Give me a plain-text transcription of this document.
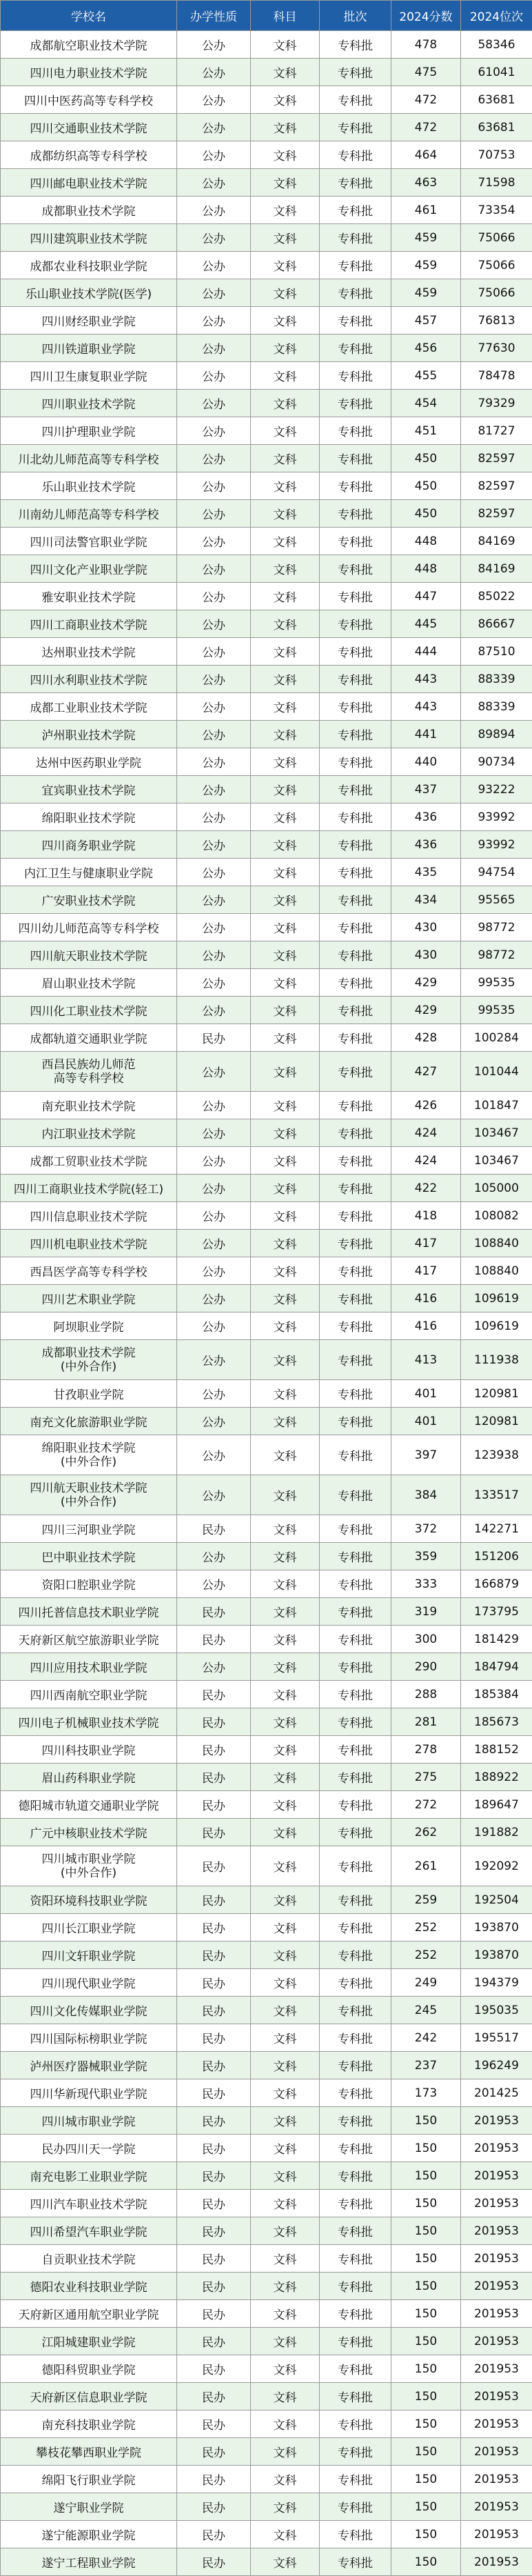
学校名	办学性质	科目	批次	2024分数	2024位次
成都航空职业技术学院	公办	文科	专科批	478	58346
四川电力职业技术学院	公办	文科	专科批	475	61041
四川中医药高等专科学校	公办	文科	专科批	472	63681
四川交通职业技术学院	公办	文科	专科批	472	63681
成都纺织高等专科学校	公办	文科	专科批	464	70753
四川邮电职业技术学院	公办	文科	专科批	463	71598
成都职业技术学院	公办	文科	专科批	461	73354
四川建筑职业技术学院	公办	文科	专科批	459	75066
成都农业科技职业学院	公办	文科	专科批	459	75066
乐山职业技术学院(医学)	公办	文科	专科批	459	75066
四川财经职业学院	公办	文科	专科批	457	76813
四川铁道职业学院	公办	文科	专科批	456	77630
四川卫生康复职业学院	公办	文科	专科批	455	78478
四川职业技术学院	公办	文科	专科批	454	79329
四川护理职业学院	公办	文科	专科批	451	81727
川北幼儿师范高等专科学校	公办	文科	专科批	450	82597
乐山职业技术学院	公办	文科	专科批	450	82597
川南幼儿师范高等专科学校	公办	文科	专科批	450	82597
四川司法警官职业学院	公办	文科	专科批	448	84169
四川文化产业职业学院	公办	文科	专科批	448	84169
雅安职业技术学院	公办	文科	专科批	447	85022
四川工商职业技术学院	公办	文科	专科批	445	86667
达州职业技术学院	公办	文科	专科批	444	87510
四川水利职业技术学院	公办	文科	专科批	443	88339
成都工业职业技术学院	公办	文科	专科批	443	88339
泸州职业技术学院	公办	文科	专科批	441	89894
达州中医药职业学院	公办	文科	专科批	440	90734
宜宾职业技术学院	公办	文科	专科批	437	93222
绵阳职业技术学院	公办	文科	专科批	436	93992
四川商务职业学院	公办	文科	专科批	436	93992
内江卫生与健康职业学院	公办	文科	专科批	435	94754
广安职业技术学院	公办	文科	专科批	434	95565
四川幼儿师范高等专科学校	公办	文科	专科批	430	98772
四川航天职业技术学院	公办	文科	专科批	430	98772
眉山职业技术学院	公办	文科	专科批	429	99535
四川化工职业技术学院	公办	文科	专科批	429	99535
成都轨道交通职业学院	民办	文科	专科批	428	100284
西昌民族幼儿师范
高等专科学校	公办	文科	专科批	427	101044
南充职业技术学院	公办	文科	专科批	426	101847
内江职业技术学院	公办	文科	专科批	424	103467
成都工贸职业技术学院	公办	文科	专科批	424	103467
四川工商职业技术学院(轻工)	公办	文科	专科批	422	105000
四川信息职业技术学院	公办	文科	专科批	418	108082
四川机电职业技术学院	公办	文科	专科批	417	108840
西昌医学高等专科学校	公办	文科	专科批	417	108840
四川艺术职业学院	公办	文科	专科批	416	109619
阿坝职业学院	公办	文科	专科批	416	109619
成都职业技术学院
(中外合作)	公办	文科	专科批	413	111938
甘孜职业学院	公办	文科	专科批	401	120981
南充文化旅游职业学院	公办	文科	专科批	401	120981
绵阳职业技术学院
(中外合作)	公办	文科	专科批	397	123938
四川航天职业技术学院
(中外合作)	公办	文科	专科批	384	133517
四川三河职业学院	民办	文科	专科批	372	142271
巴中职业技术学院	公办	文科	专科批	359	151206
资阳口腔职业学院	公办	文科	专科批	333	166879
四川托普信息技术职业学院	民办	文科	专科批	319	173795
天府新区航空旅游职业学院	民办	文科	专科批	300	181429
四川应用技术职业学院	公办	文科	专科批	290	184794
四川西南航空职业学院	民办	文科	专科批	288	185384
四川电子机械职业技术学院	民办	文科	专科批	281	185673
四川科技职业学院	民办	文科	专科批	278	188152
眉山药科职业学院	民办	文科	专科批	275	188922
德阳城市轨道交通职业学院	民办	文科	专科批	272	189647
广元中核职业技术学院	民办	文科	专科批	262	191882
四川城市职业学院
(中外合作)	民办	文科	专科批	261	192092
资阳环境科技职业学院	民办	文科	专科批	259	192504
四川长江职业学院	民办	文科	专科批	252	193870
四川文轩职业学院	民办	文科	专科批	252	193870
四川现代职业学院	民办	文科	专科批	249	194379
四川文化传媒职业学院	民办	文科	专科批	245	195035
四川国际标榜职业学院	民办	文科	专科批	242	195517
泸州医疗器械职业学院	民办	文科	专科批	237	196249
四川华新现代职业学院	民办	文科	专科批	173	201425
四川城市职业学院	民办	文科	专科批	150	201953
民办四川天一学院	民办	文科	专科批	150	201953
南充电影工业职业学院	民办	文科	专科批	150	201953
四川汽车职业技术学院	民办	文科	专科批	150	201953
四川希望汽车职业学院	民办	文科	专科批	150	201953
自贡职业技术学院	民办	文科	专科批	150	201953
德阳农业科技职业学院	民办	文科	专科批	150	201953
天府新区通用航空职业学院	民办	文科	专科批	150	201953
江阳城建职业学院	民办	文科	专科批	150	201953
德阳科贸职业学院	民办	文科	专科批	150	201953
天府新区信息职业学院	民办	文科	专科批	150	201953
南充科技职业学院	民办	文科	专科批	150	201953
攀枝花攀西职业学院	民办	文科	专科批	150	201953
绵阳飞行职业学院	民办	文科	专科批	150	201953
遂宁职业学院	民办	文科	专科批	150	201953
遂宁能源职业学院	民办	文科	专科批	150	201953
遂宁工程职业学院	民办	文科	专科批	150	201953
